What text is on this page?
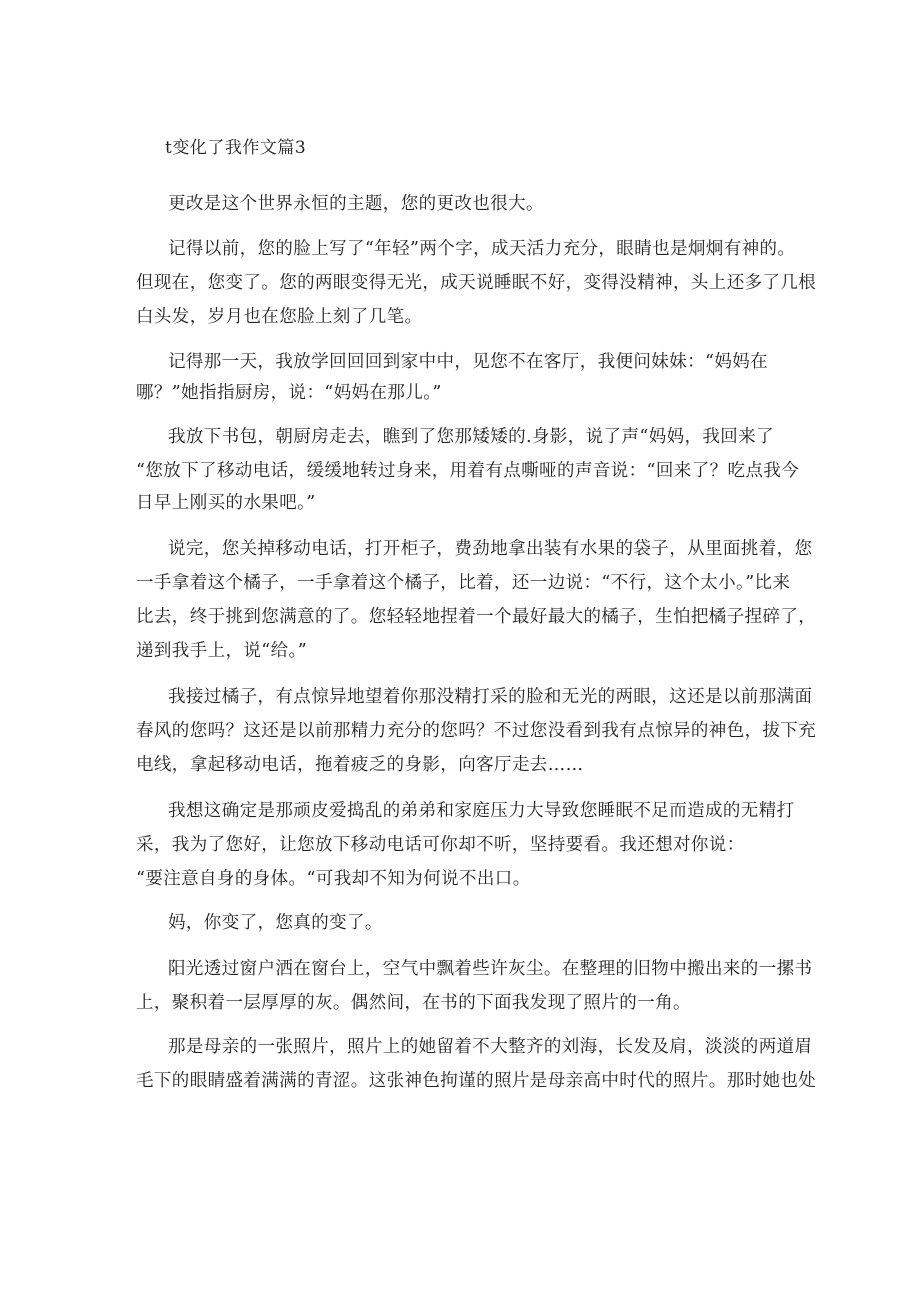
t变化了我作文篇3
更改是这个世界永恒的主题，您的更改也很大。
记得以前，您的脸上写了“年轻”两个字，成天活力充分，眼睛也是炯炯有神的。
但现在，您变了。您的两眼变得无光，成天说睡眠不好，变得没精神，头上还多了几根
白头发，岁月也在您脸上刻了几笔。
记得那一天，我放学回回回到家中中，见您不在客厅，我便问妹妹：“妈妈在
哪？”她指指厨房，说：“妈妈在那儿。”
我放下书包，朝厨房走去，瞧到了您那矮矮的.身影，说了声“妈妈，我回来了
“您放下了移动电话，缓缓地转过身来，用着有点嘶哑的声音说：“回来了？吃点我今
日早上刚买的水果吧。”
说完，您关掉移动电话，打开柜子，费劲地拿出装有水果的袋子，从里面挑着，您
一手拿着这个橘子，一手拿着这个橘子，比着，还一边说：“不行，这个太小。”比来
比去，终于挑到您满意的了。您轻轻地捏着一个最好最大的橘子，生怕把橘子捏碎了，
递到我手上，说“给。”
我接过橘子，有点惊异地望着你那没精打采的脸和无光的两眼，这还是以前那满面
春风的您吗？这还是以前那精力充分的您吗？不过您没看到我有点惊异的神色，拔下充
电线，拿起移动电话，拖着疲乏的身影，向客厅走去……
我想这确定是那顽皮爱捣乱的弟弟和家庭压力大导致您睡眠不足而造成的无精打
采，我为了您好，让您放下移动电话可你却不听，坚持要看。我还想对你说：
“要注意自身的身体。“可我却不知为何说不出口。
妈，你变了，您真的变了。
阳光透过窗户洒在窗台上，空气中飘着些许灰尘。在整理的旧物中搬出来的一摞书
上，聚积着一层厚厚的灰。偶然间，在书的下面我发现了照片的一角。
那是母亲的一张照片，照片上的她留着不大整齐的刘海，长发及肩，淡淡的两道眉
毛下的眼睛盛着满满的青涩。这张神色拘谨的照片是母亲高中时代的照片。那时她也处
